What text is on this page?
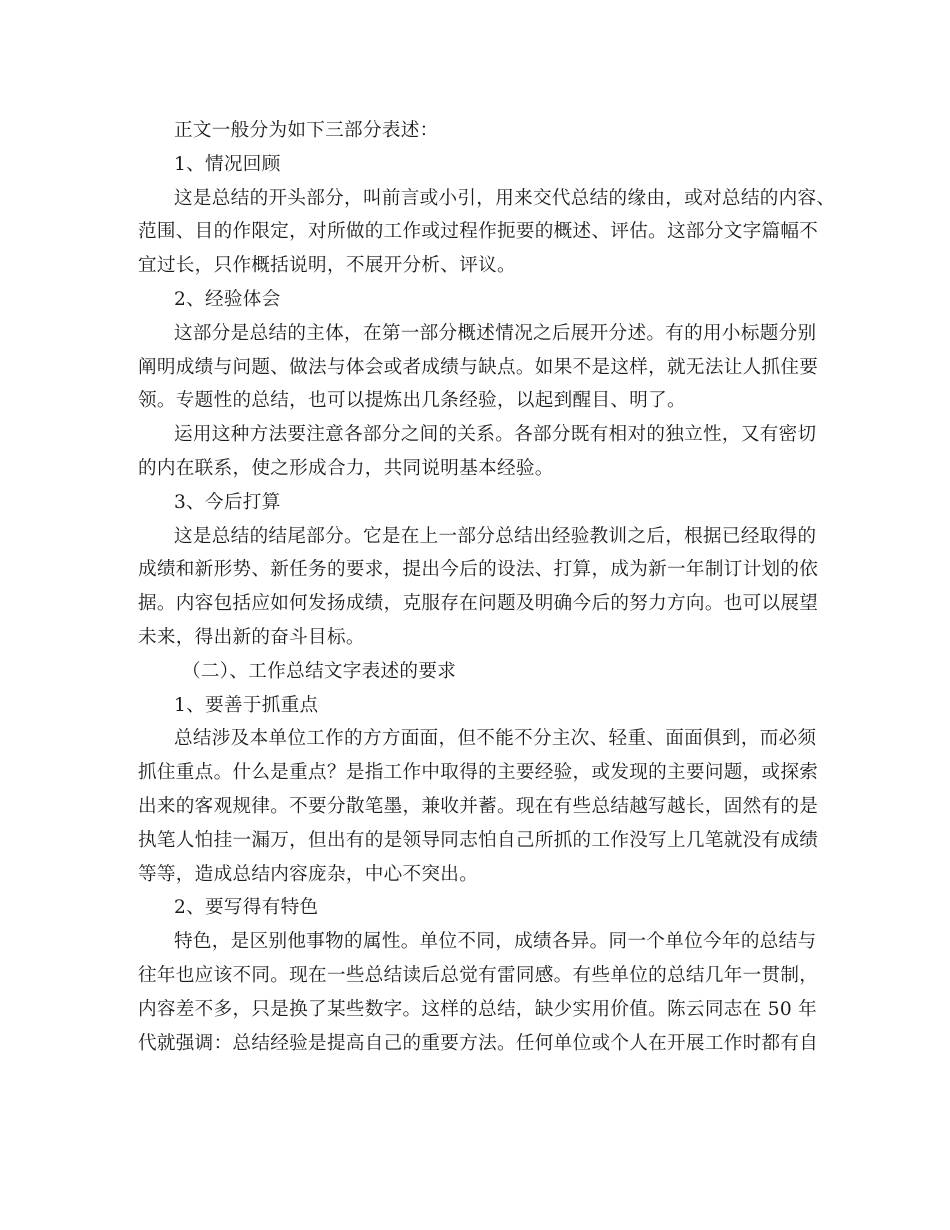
正文一般分为如下三部分表述：
1、情况回顾
这是总结的开头部分，叫前言或小引，用来交代总结的缘由，或对总结的内容、
范围、目的作限定，对所做的工作或过程作扼要的概述、评估。这部分文字篇幅不
宜过长，只作概括说明，不展开分析、评议。
2、经验体会
这部分是总结的主体，在第一部分概述情况之后展开分述。有的用小标题分别
阐明成绩与问题、做法与体会或者成绩与缺点。如果不是这样，就无法让人抓住要
领。专题性的总结，也可以提炼出几条经验，以起到醒目、明了。
运用这种方法要注意各部分之间的关系。各部分既有相对的独立性，又有密切
的内在联系，使之形成合力，共同说明基本经验。
3、今后打算
这是总结的结尾部分。它是在上一部分总结出经验教训之后，根据已经取得的
成绩和新形势、新任务的要求，提出今后的设法、打算，成为新一年制订计划的依
据。内容包括应如何发扬成绩，克服存在问题及明确今后的努力方向。也可以展望
未来，得出新的奋斗目标。
（二）、工作总结文字表述的要求
1、要善于抓重点
总结涉及本单位工作的方方面面，但不能不分主次、轻重、面面俱到，而必须
抓住重点。什么是重点？是指工作中取得的主要经验，或发现的主要问题，或探索
出来的客观规律。不要分散笔墨，兼收并蓄。现在有些总结越写越长，固然有的是
执笔人怕挂一漏万，但出有的是领导同志怕自己所抓的工作没写上几笔就没有成绩
等等，造成总结内容庞杂，中心不突出。
2、要写得有特色
特色，是区别他事物的属性。单位不同，成绩各异。同一个单位今年的总结与
往年也应该不同。现在一些总结读后总觉有雷同感。有些单位的总结几年一贯制，
内容差不多，只是换了某些数字。这样的总结，缺少实用价值。陈云同志在 50 年
代就强调：总结经验是提高自己的重要方法。任何单位或个人在开展工作时都有自
